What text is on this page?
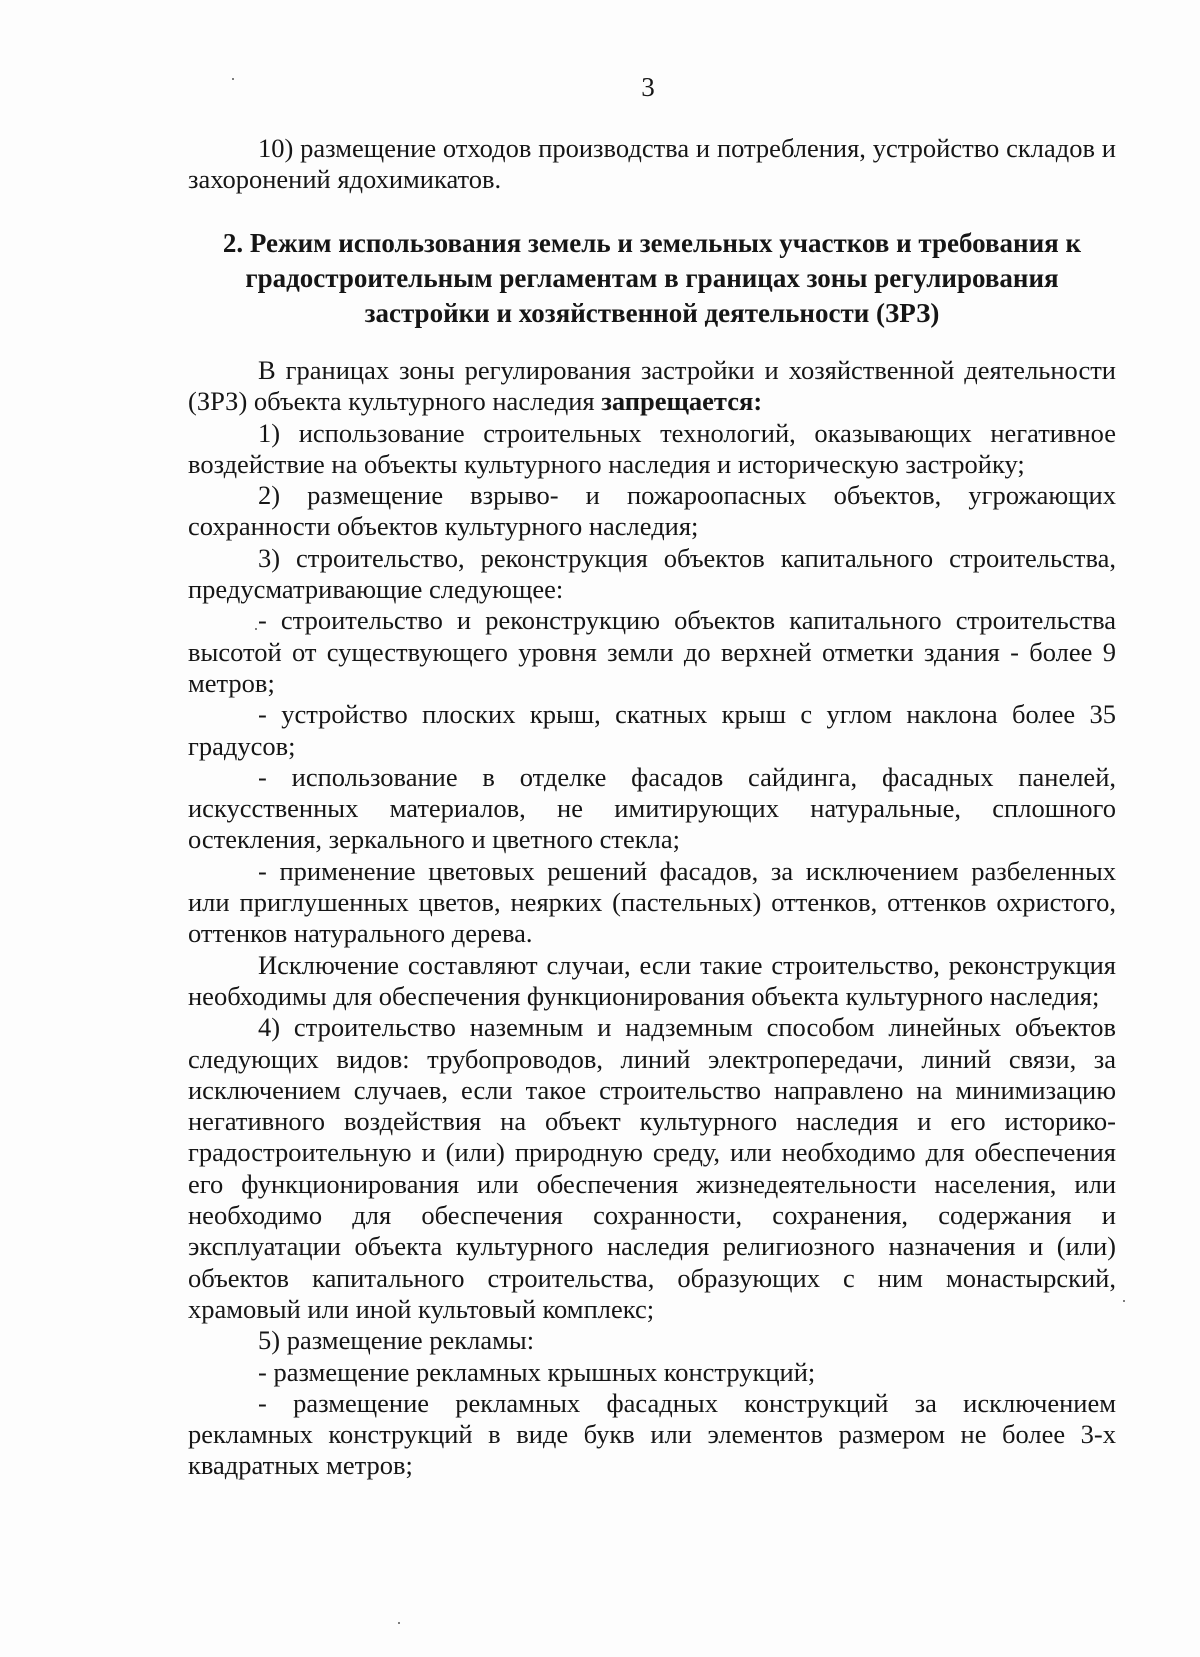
3

10) размещение отходов производства и потребления, устройство складов и захоронений ядохимикатов.

2. Режим использования земель и земельных участков и требования к градостроительным регламентам в границах зоны регулирования застройки и хозяйственной деятельности (ЗРЗ)

В границах зоны регулирования застройки и хозяйственной деятельности (ЗРЗ) объекта культурного наследия запрещается:

1) использование строительных технологий, оказывающих негативное воздействие на объекты культурного наследия и историческую застройку;

2) размещение взрыво- и пожароопасных объектов, угрожающих сохранности объектов культурного наследия;

3) строительство, реконструкция объектов капитального строительства, предусматривающие следующее:

- строительство и реконструкцию объектов капитального строительства высотой от существующего уровня земли до верхней отметки здания - более 9 метров;

- устройство плоских крыш, скатных крыш с углом наклона более 35 градусов;

- использование в отделке фасадов сайдинга, фасадных панелей, искусственных материалов, не имитирующих натуральные, сплошного остекления, зеркального и цветного стекла;

- применение цветовых решений фасадов, за исключением разбеленных или приглушенных цветов, неярких (пастельных) оттенков, оттенков охристого, оттенков натурального дерева.

Исключение составляют случаи, если такие строительство, реконструкция необходимы для обеспечения функционирования объекта культурного наследия;

4) строительство наземным и надземным способом линейных объектов следующих видов: трубопроводов, линий электропередачи, линий связи, за исключением случаев, если такое строительство направлено на минимизацию негативного воздействия на объект культурного наследия и его историко-градостроительную и (или) природную среду, или необходимо для обеспечения его функционирования или обеспечения жизнедеятельности населения, или необходимо для обеспечения сохранности, сохранения, содержания и эксплуатации объекта культурного наследия религиозного назначения и (или) объектов капитального строительства, образующих с ним монастырский, храмовый или иной культовый комплекс;

5) размещение рекламы:

- размещение рекламных крышных конструкций;

- размещение рекламных фасадных конструкций за исключением рекламных конструкций в виде букв или элементов размером не более 3-х квадратных метров;
